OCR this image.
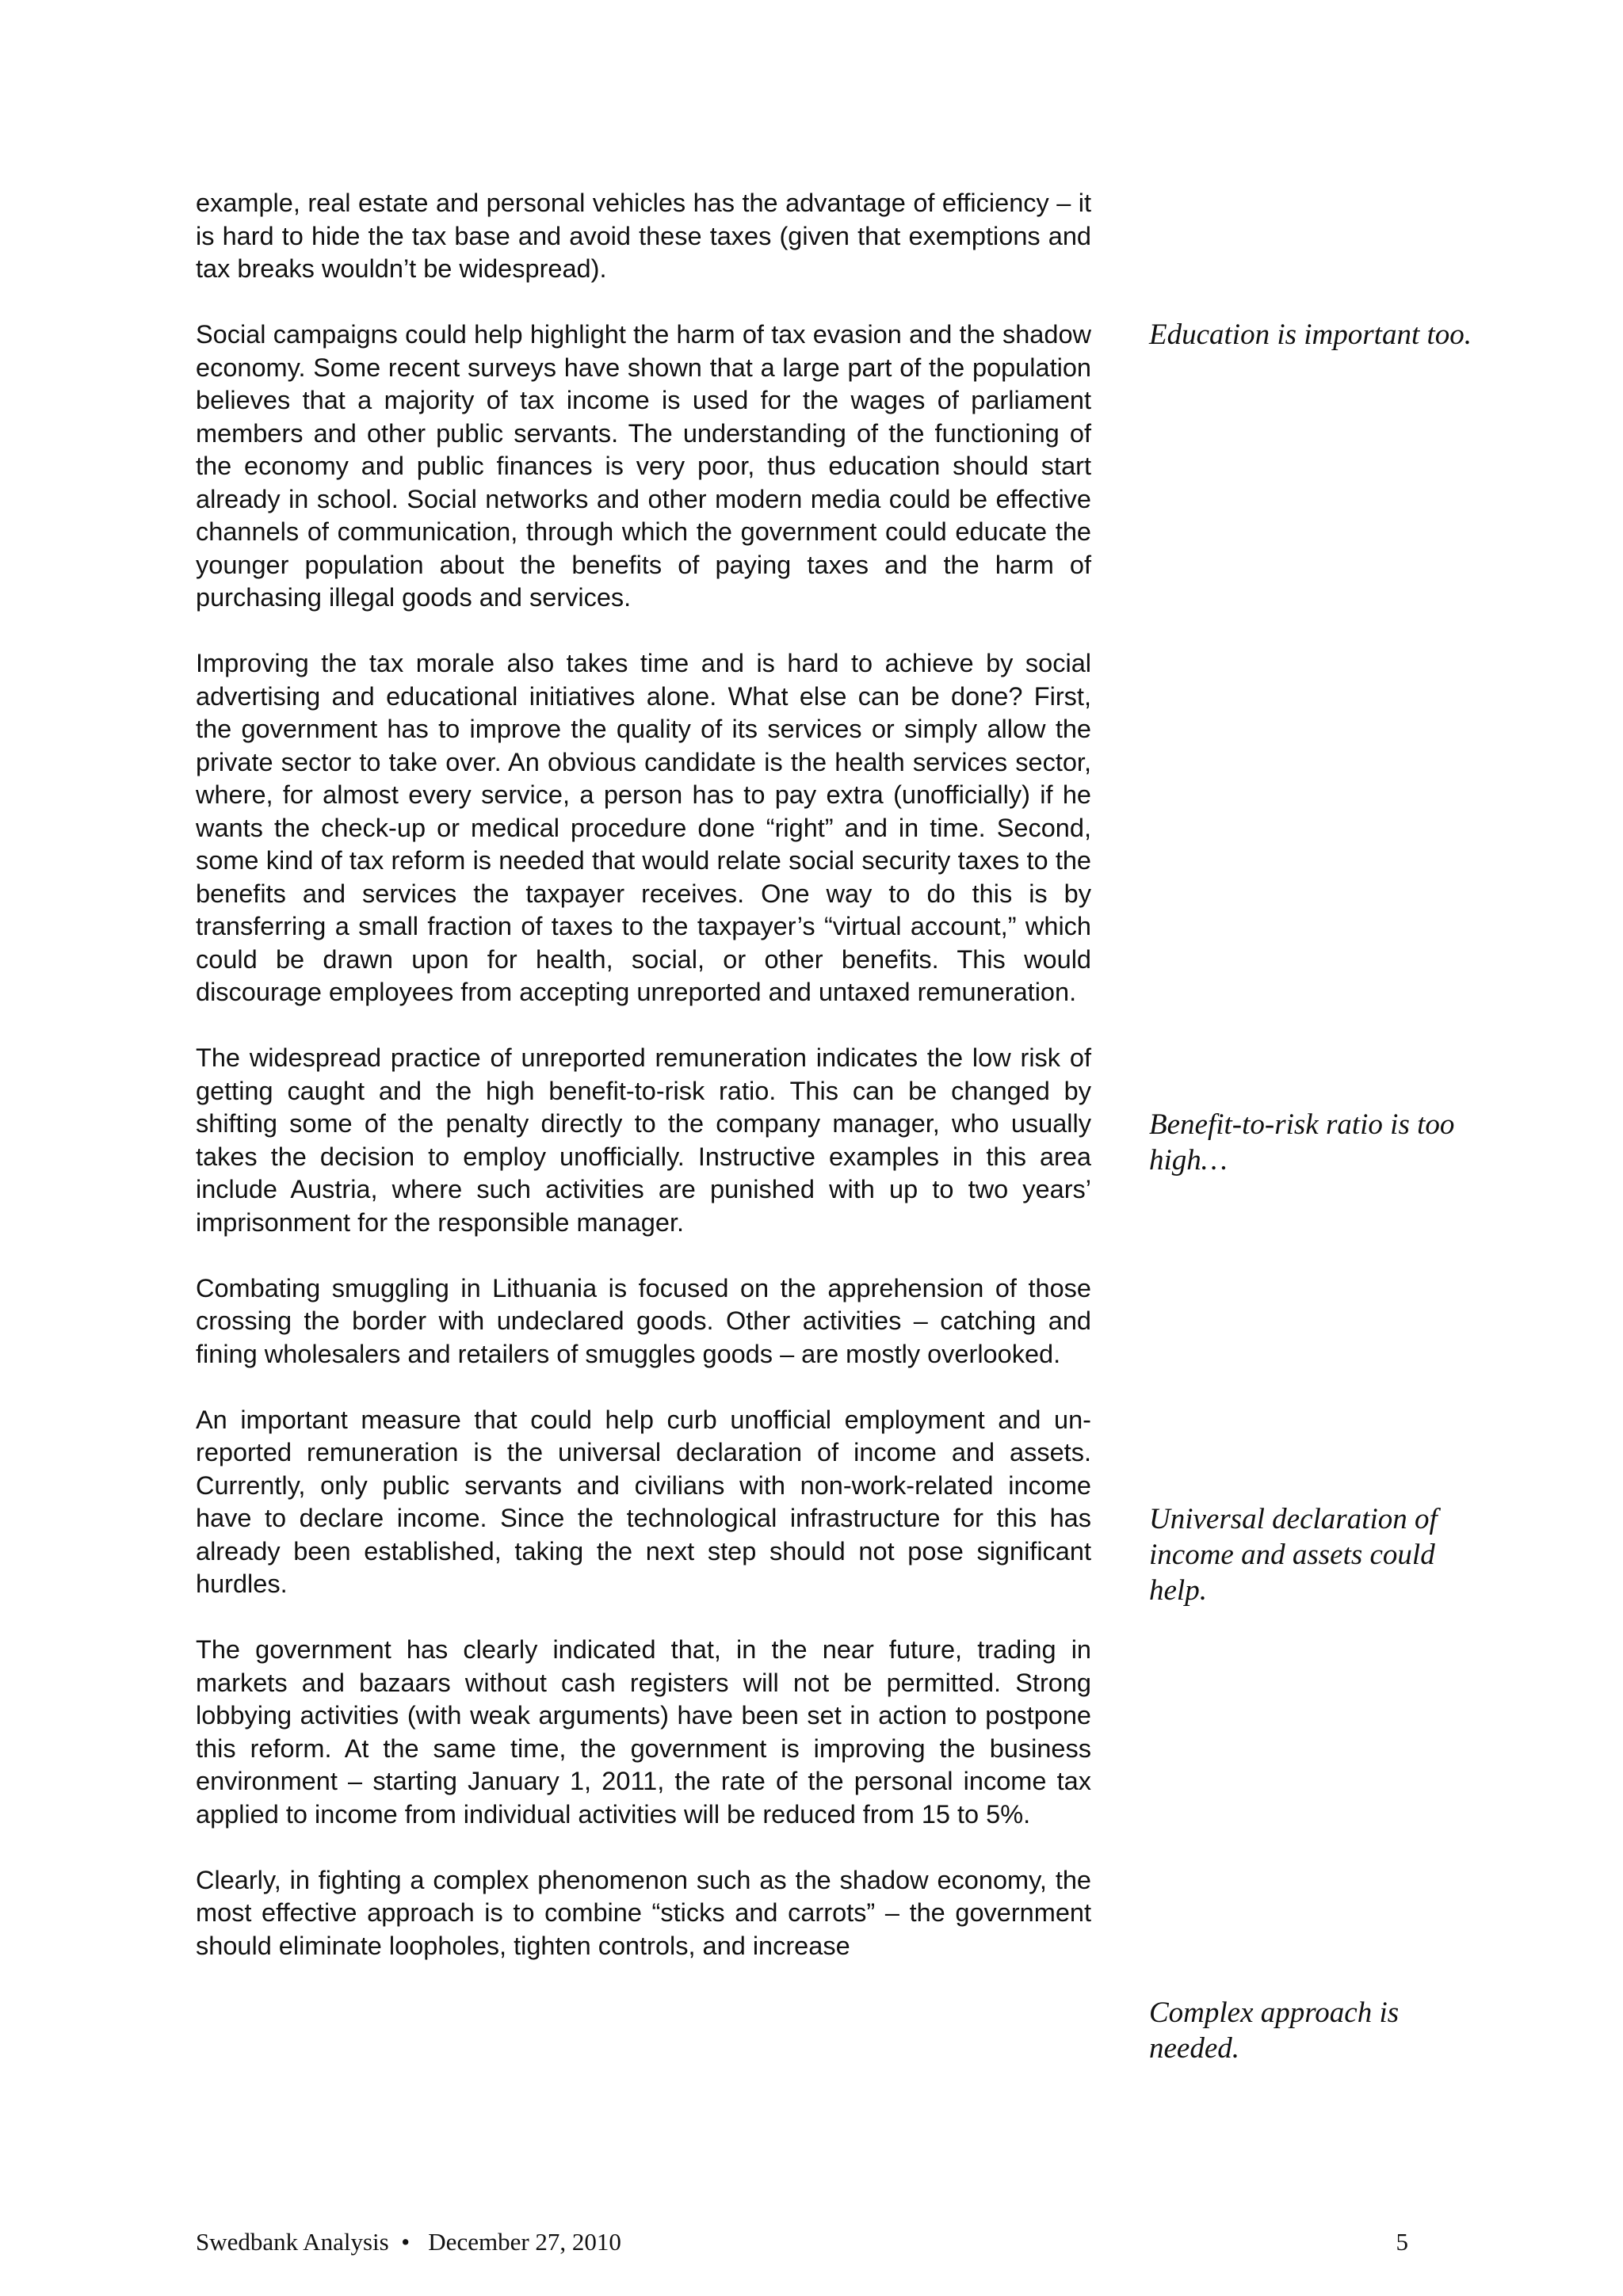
example, real estate and personal vehicles has the advantage of efficiency – it is hard to hide the tax base and avoid these taxes (given that exemptions and tax breaks wouldn’t be widespread).

Social campaigns could help highlight the harm of tax evasion and the shadow economy. Some recent surveys have shown that a large part of the population believes that a majority of tax income is used for the wages of parliament members and other public servants. The understanding of the functioning of the economy and public finances is very poor, thus education should start already in school. Social networks and other modern media could be effective channels of communication, through which the government could educate the younger population about the benefits of paying taxes and the harm of purchasing illegal goods and services.

Improving the tax morale also takes time and is hard to achieve by social advertising and educational initiatives alone. What else can be done? First, the government has to improve the quality of its services or simply allow the private sector to take over. An obvious candidate is the health services sector, where, for almost every service, a person has to pay extra (unofficially) if he wants the check-up or medical procedure done “right” and in time. Second, some kind of tax reform is needed that would relate social security taxes to the benefits and services the taxpayer receives. One way to do this is by transferring a small fraction of taxes to the taxpayer’s “virtual account,” which could be drawn upon for health, social, or other benefits. This would discourage employees from accepting unreported and untaxed remuneration.

The widespread practice of unreported remuneration indicates the low risk of getting caught and the high benefit-to-risk ratio. This can be changed by shifting some of the penalty directly to the company manager, who usually takes the decision to employ unofficially. Instructive examples in this area include Austria, where such activities are punished with up to two years’ imprisonment for the responsible manager.

Combating smuggling in Lithuania is focused on the apprehension of those crossing the border with undeclared goods. Other activities – catching and fining wholesalers and retailers of smuggles goods – are mostly overlooked.

An important measure that could help curb unofficial employment and unreported remuneration is the universal declaration of income and assets. Currently, only public servants and civilians with non-work-related income have to declare income. Since the technological infrastructure for this has already been established, taking the next step should not pose significant hurdles.

The government has clearly indicated that, in the near future, trading in markets and bazaars without cash registers will not be permitted. Strong lobbying activities (with weak arguments) have been set in action to postpone this reform. At the same time, the government is improving the business environment – starting January 1, 2011, the rate of the personal income tax applied to income from individual activities will be reduced from 15 to 5%.

Clearly, in fighting a complex phenomenon such as the shadow economy, the most effective approach is to combine “sticks and carrots” – the government should eliminate loopholes, tighten controls, and increase

Education is important too.
Benefit-to-risk ratio is too high…
Universal declaration of income and assets could help.
Complex approach is needed.
Swedbank Analysis • December 27, 2010	5
